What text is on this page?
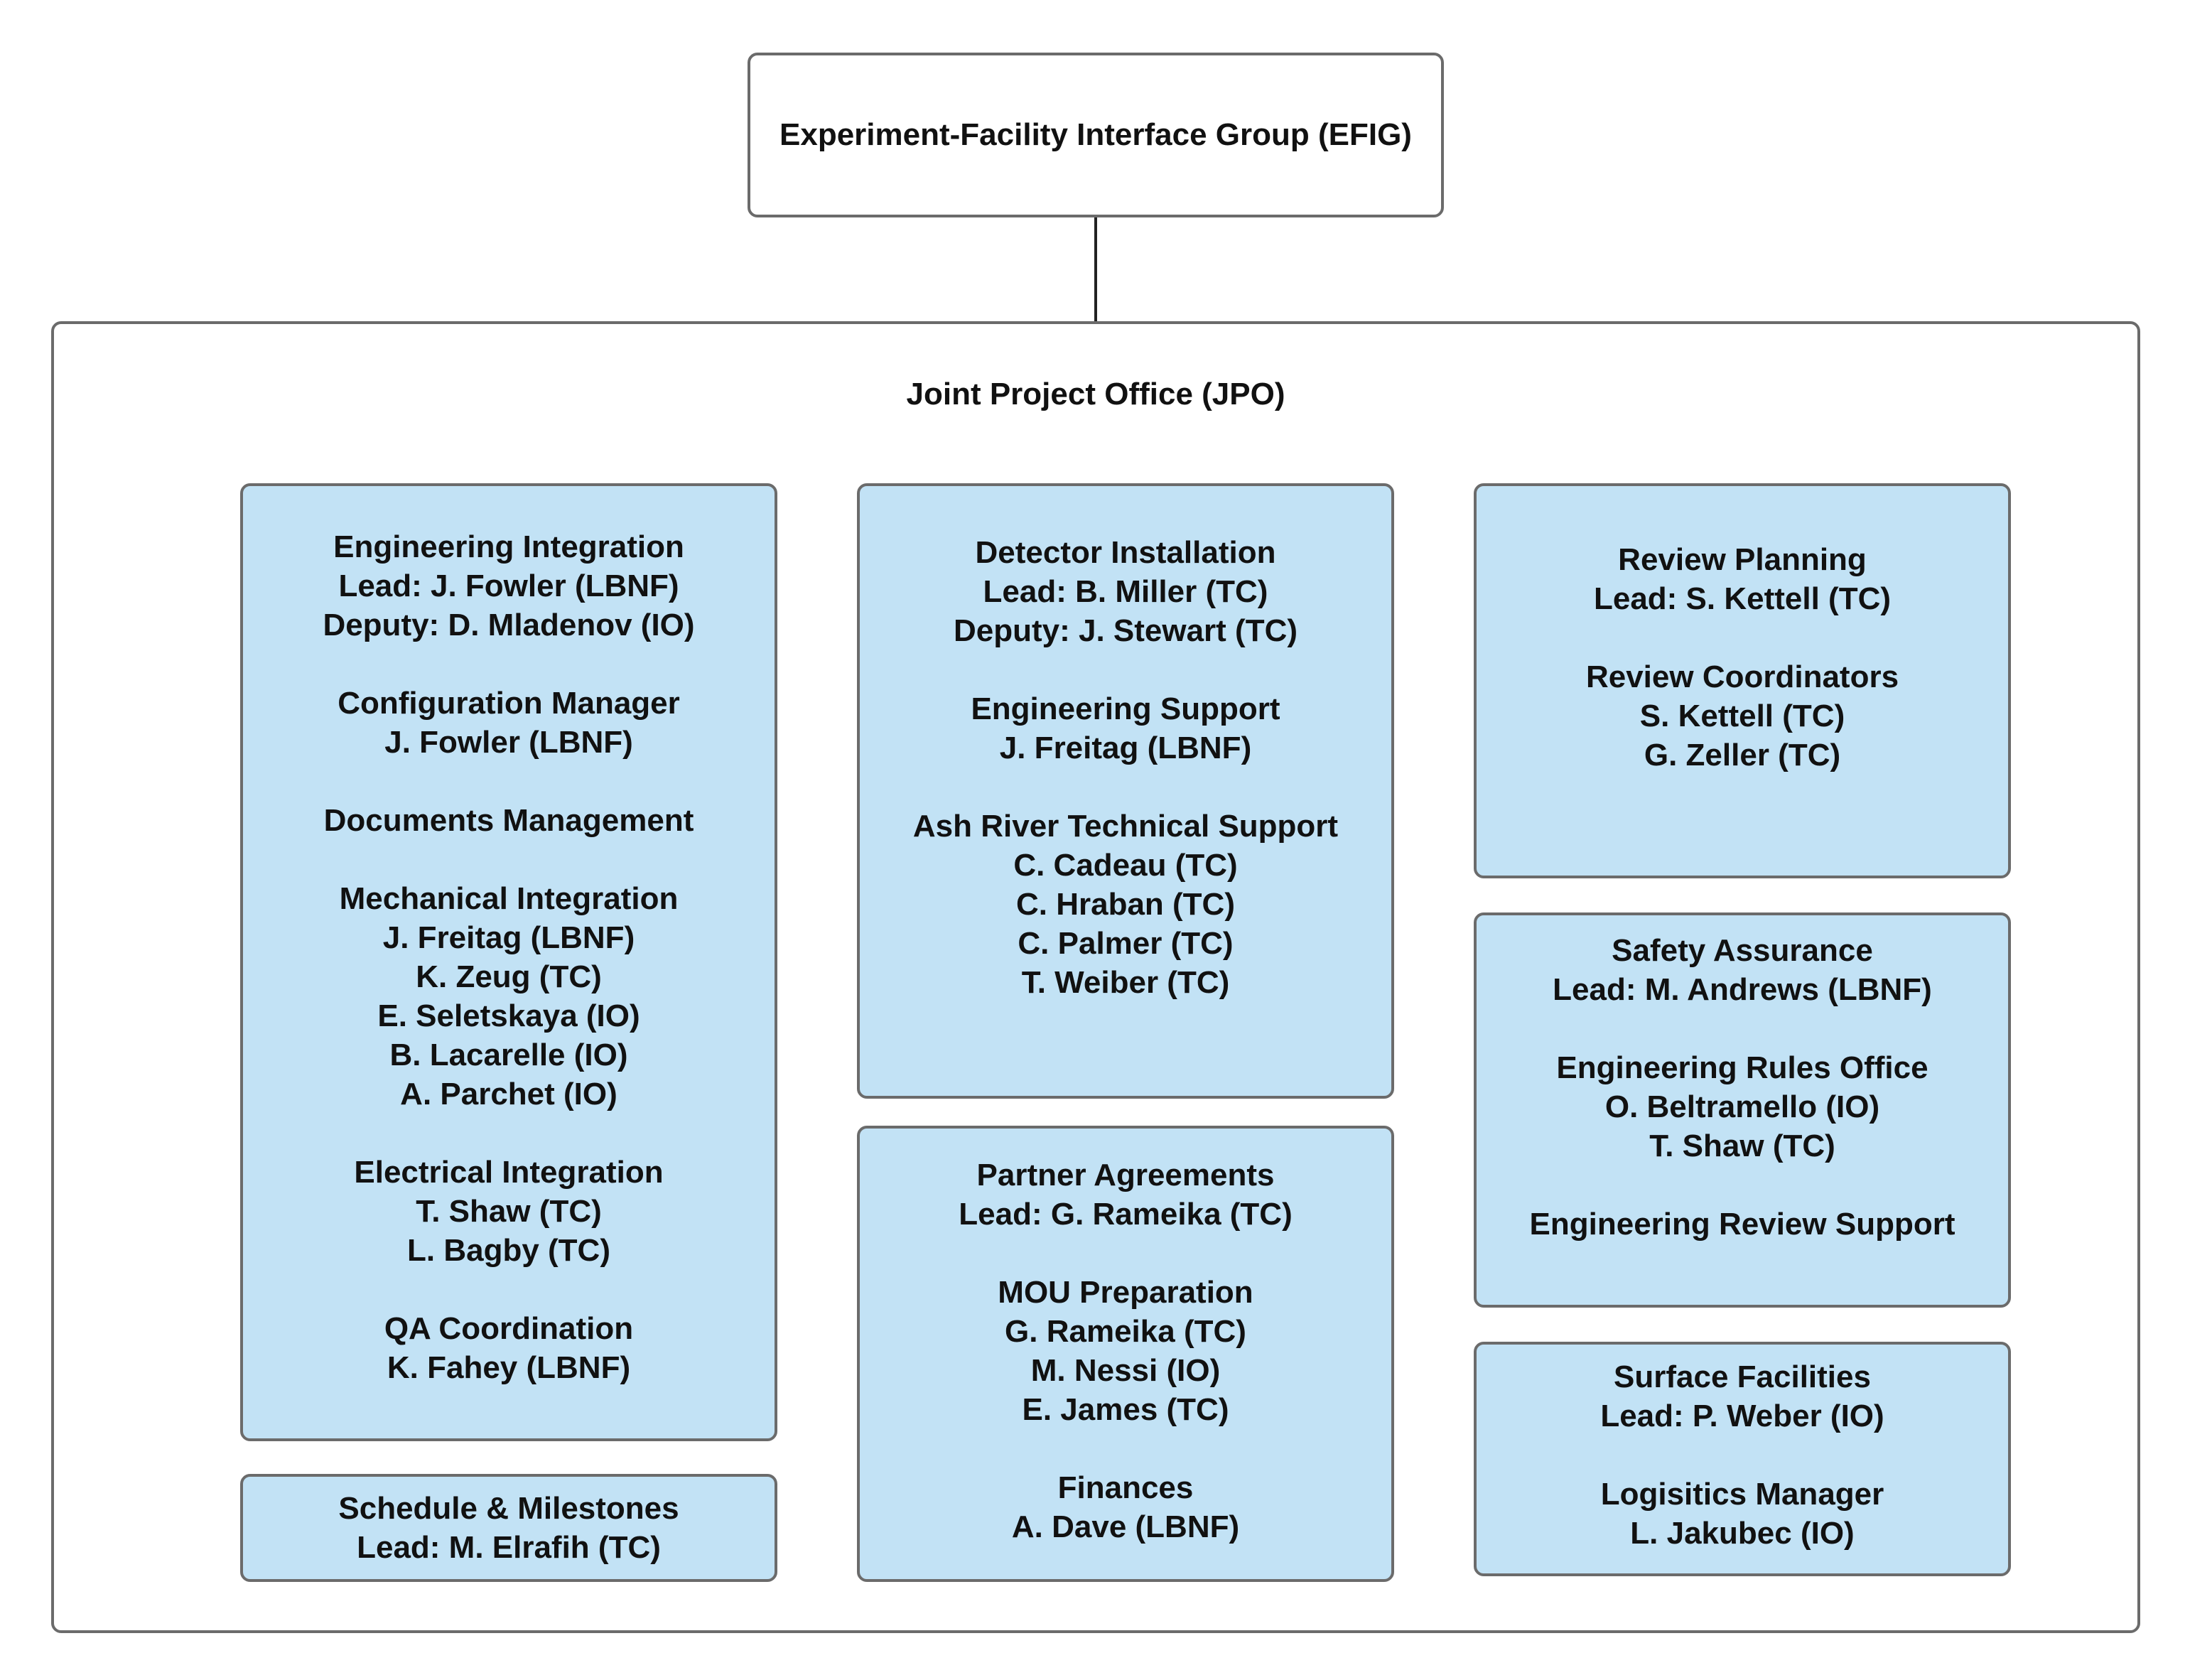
Experiment-Facility Interface Group (EFIG)
Joint Project Office (JPO)
Engineering Integration
Lead: J. Fowler (LBNF)
Deputy: D. Mladenov (IO)
Configuration Manager
J. Fowler (LBNF)
Documents Management
Mechanical Integration
J. Freitag (LBNF)
K. Zeug (TC)
E. Seletskaya (IO)
B. Lacarelle (IO)
A. Parchet (IO)
Electrical Integration
T. Shaw (TC)
L. Bagby (TC)
QA Coordination
K. Fahey (LBNF)
Schedule & Milestones
Lead: M. Elrafih (TC)
Detector Installation
Lead: B. Miller (TC)
Deputy: J. Stewart (TC)
Engineering Support
J. Freitag (LBNF)
Ash River Technical Support
C. Cadeau (TC)
C. Hraban (TC)
C. Palmer (TC)
T. Weiber (TC)
Partner Agreements
Lead: G. Rameika (TC)
MOU Preparation
G. Rameika (TC)
M. Nessi (IO)
E. James (TC)
Finances
A. Dave (LBNF)
Review Planning
Lead: S. Kettell (TC)
Review Coordinators
S. Kettell (TC)
G. Zeller (TC)
Safety Assurance
Lead: M. Andrews (LBNF)
Engineering Rules Office
O. Beltramello (IO)
T. Shaw (TC)
Engineering Review Support
Surface Facilities
Lead: P. Weber (IO)
Logisitics Manager
L. Jakubec (IO)
